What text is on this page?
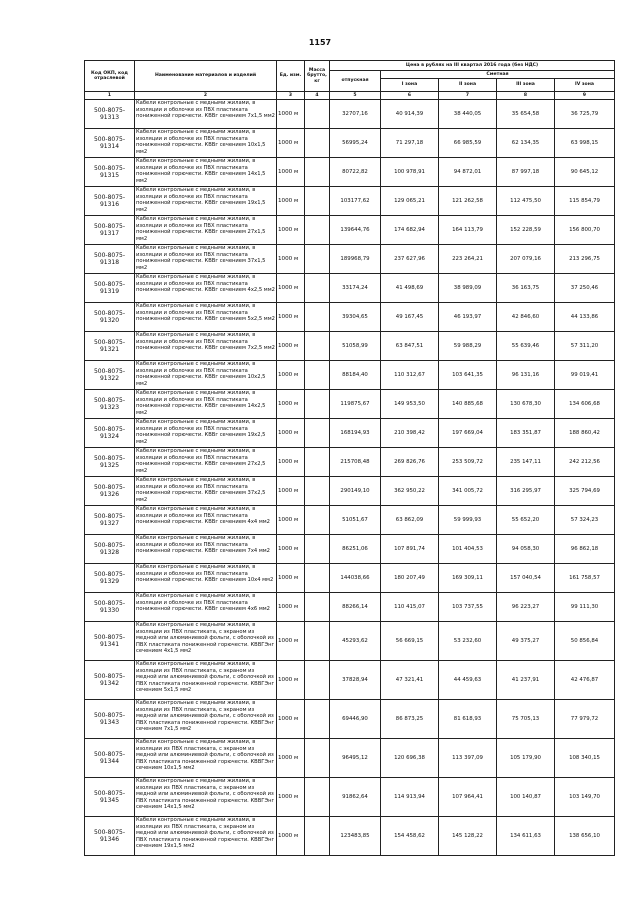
1157
Код ОКП, код отраслевой	Наименование материалов и изделий	Ед. изм.	Масса брутто, кг	Цена в рублях на III квартал 2016 года (без НДС)				
				отпускная	Сметная			
					I зона	II зона	III зона	IV зона
1	2	3	4	5	6	7	8	9
500-8075-91313	Кабели контрольные с медными жилами, в изоляции и оболочке из ПВХ пластиката пониженной горючести. КВВг сечением 7х1,5 мм2	1000 м		32707,16	40 914,39	38 440,05	35 654,58	36 725,79
500-8075-91314	Кабели контрольные с медными жилами, в изоляции и оболочке из ПВХ пластиката пониженной горючести. КВВг сечением 10х1,5 мм2	1000 м		56995,24	71 297,18	66 985,59	62 134,35	63 998,15
500-8075-91315	Кабели контрольные с медными жилами, в изоляции и оболочке из ПВХ пластиката пониженной горючести. КВВг сечением 14х1,5 мм2	1000 м		80722,82	100 978,91	94 872,01	87 997,18	90 645,12
500-8075-91316	Кабели контрольные с медными жилами, в изоляции и оболочке из ПВХ пластиката пониженной горючести. КВВг сечением 19х1,5 мм2	1000 м		103177,62	129 065,21	121 262,58	112 475,50	115 854,79
500-8075-91317	Кабели контрольные с медными жилами, в изоляции и оболочке из ПВХ пластиката пониженной горючести. КВВг сечением 27х1,5 мм2	1000 м		139644,76	174 682,94	164 113,79	152 228,59	156 800,70
500-8075-91318	Кабели контрольные с медными жилами, в изоляции и оболочке из ПВХ пластиката пониженной горючести. КВВг сечением 37х1,5 мм2	1000 м		189968,79	237 627,96	223 264,21	207 079,16	213 296,75
500-8075-91319	Кабели контрольные с медными жилами, в изоляции и оболочке из ПВХ пластиката пониженной горючести. КВВг сечением 4х2,5 мм2	1000 м		33174,24	41 498,69	38 989,09	36 163,75	37 250,46
500-8075-91320	Кабели контрольные с медными жилами, в изоляции и оболочке из ПВХ пластиката пониженной горючести. КВВг сечением 5х2,5 мм2	1000 м		39304,65	49 167,45	46 193,97	42 846,60	44 133,86
500-8075-91321	Кабели контрольные с медными жилами, в изоляции и оболочке из ПВХ пластиката пониженной горючести. КВВг сечением 7х2,5 мм2	1000 м		51058,99	63 847,51	59 988,29	55 639,46	57 311,20
500-8075-91322	Кабели контрольные с медными жилами, в изоляции и оболочке из ПВХ пластиката пониженной горючести. КВВг сечением 10х2,5 мм2	1000 м		88184,40	110 312,67	103 641,35	96 131,16	99 019,41
500-8075-91323	Кабели контрольные с медными жилами, в изоляции и оболочке из ПВХ пластиката пониженной горючести. КВВг сечением 14х2,5 мм2	1000 м		119875,67	149 953,50	140 885,68	130 678,30	134 606,68
500-8075-91324	Кабели контрольные с медными жилами, в изоляции и оболочке из ПВХ пластиката пониженной горючести. КВВг сечением 19х2,5 мм2	1000 м		168194,93	210 398,42	197 669,04	183 351,87	188 860,42
500-8075-91325	Кабели контрольные с медными жилами, в изоляции и оболочке из ПВХ пластиката пониженной горючести. КВВг сечением 27х2,5 мм2	1000 м		215708,48	269 826,76	253 509,72	235 147,11	242 212,56
500-8075-91326	Кабели контрольные с медными жилами, в изоляции и оболочке из ПВХ пластиката пониженной горючести. КВВг сечением 37х2,5 мм2	1000 м		290149,10	362 950,22	341 005,72	316 295,97	325 794,69
500-8075-91327	Кабели контрольные с медными жилами, в изоляции и оболочке из ПВХ пластиката пониженной горючести. КВВг сечением 4х4 мм2	1000 м		51051,67	63 862,09	59 999,93	55 652,20	57 324,23
500-8075-91328	Кабели контрольные с медными жилами, в изоляции и оболочке из ПВХ пластиката пониженной горючести. КВВг сечением 7х4 мм2	1000 м		86251,06	107 891,74	101 404,53	94 058,30	96 862,18
500-8075-91329	Кабели контрольные с медными жилами, в изоляции и оболочке из ПВХ пластиката пониженной горючести. КВВг сечением 10х4 мм2	1000 м		144038,66	180 207,49	169 309,11	157 040,54	161 758,57
500-8075-91330	Кабели контрольные с медными жилами, в изоляции и оболочке из ПВХ пластиката пониженной горючести. КВВг сечением 4х6 мм2	1000 м		88266,14	110 415,07	103 737,55	96 223,27	99 111,30
500-8075-91341	Кабели контрольные с медными жилами, в изоляции из ПВХ пластиката, с экраном из медной или алюминиевой фольги, с оболочкой из ПВХ пластиката пониженной горючести. КВВГЭнг сечением 4х1,5 мм2	1000 м		45293,62	56 669,15	53 232,60	49 375,27	50 856,84
500-8075-91342	Кабели контрольные с медными жилами, в изоляции из ПВХ пластиката, с экраном из медной или алюминиевой фольги, с оболочкой из ПВХ пластиката пониженной горючести. КВВГЭнг сечением 5х1,5 мм2	1000 м		37828,94	47 321,41	44 459,63	41 237,91	42 476,87
500-8075-91343	Кабели контрольные с медными жилами, в изоляции из ПВХ пластиката, с экраном из медной или алюминиевой фольги, с оболочкой из ПВХ пластиката пониженной горючести. КВВГЭнг сечением 7х1,5 мм2	1000 м		69446,90	86 873,25	81 618,93	75 705,13	77 979,72
500-8075-91344	Кабели контрольные с медными жилами, в изоляции из ПВХ пластиката, с экраном из медной или алюминиевой фольги, с оболочкой из ПВХ пластиката пониженной горючести. КВВГЭнг сечением 10х1,5 мм2	1000 м		96495,12	120 696,38	113 397,09	105 179,90	108 340,15
500-8075-91345	Кабели контрольные с медными жилами, в изоляции из ПВХ пластиката, с экраном из медной или алюминиевой фольги, с оболочкой из ПВХ пластиката пониженной горючести. КВВГЭнг сечением 14х1,5 мм2	1000 м		91862,64	114 913,94	107 964,41	100 140,87	103 149,70
500-8075-91346	Кабели контрольные с медными жилами, в изоляции из ПВХ пластиката, с экраном из медной или алюминиевой фольги, с оболочкой из ПВХ пластиката пониженной горючести. КВВГЭнг сечением 19х1,5 мм2	1000 м		123483,85	154 458,62	145 128,22	134 611,63	138 656,10
